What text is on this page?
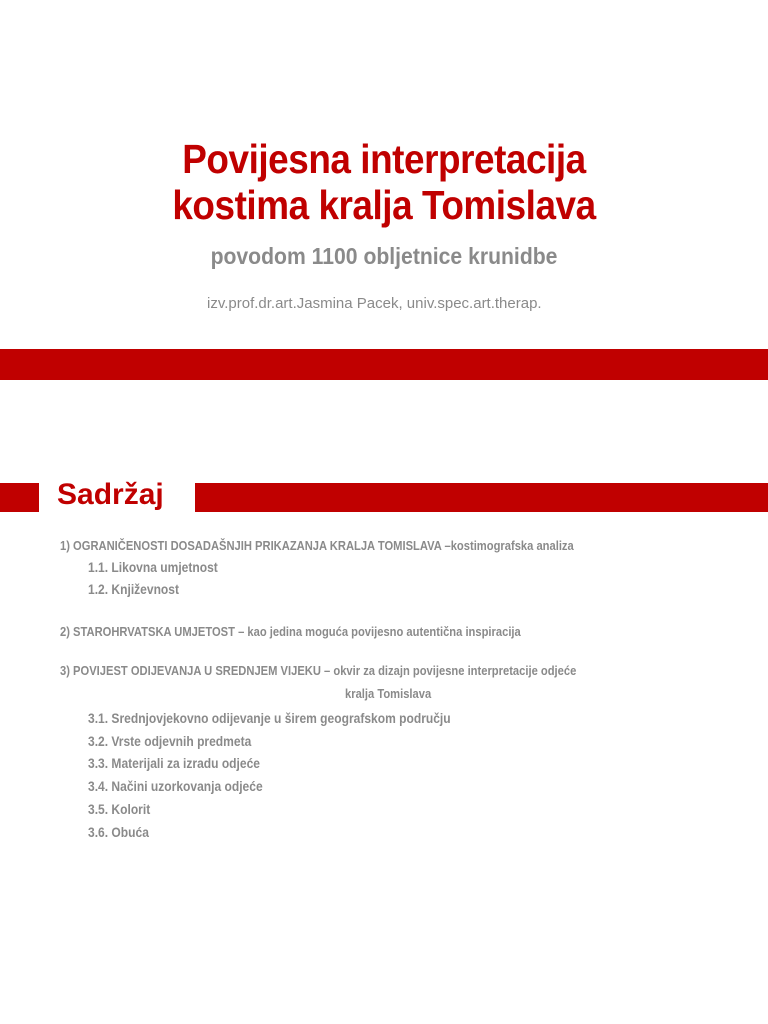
Povijesna interpretacija
kostima kralja Tomislava
povodom 1100 obljetnice krunidbe
izv.prof.dr.art.Jasmina Pacek, univ.spec.art.therap.
Sadržaj
1) OGRANIČENOSTI DOSADAŠNJIH PRIKAZANJA KRALJA TOMISLAVA –kostimografska analiza
1.1. Likovna umjetnost
1.2. Književnost
2) STAROHRVATSKA UMJETOST – kao jedina moguća povijesno autentična inspiracija
3) POVIJEST ODIJEVANJA U SREDNJEM VIJEKU – okvir za dizajn povijesne interpretacije odjeće
kralja Tomislava
3.1. Srednjovjekovno odijevanje u širem geografskom području
3.2. Vrste odjevnih predmeta
3.3. Materijali za izradu odjeće
3.4. Načini uzorkovanja odjeće
3.5. Kolorit
3.6. Obuća
